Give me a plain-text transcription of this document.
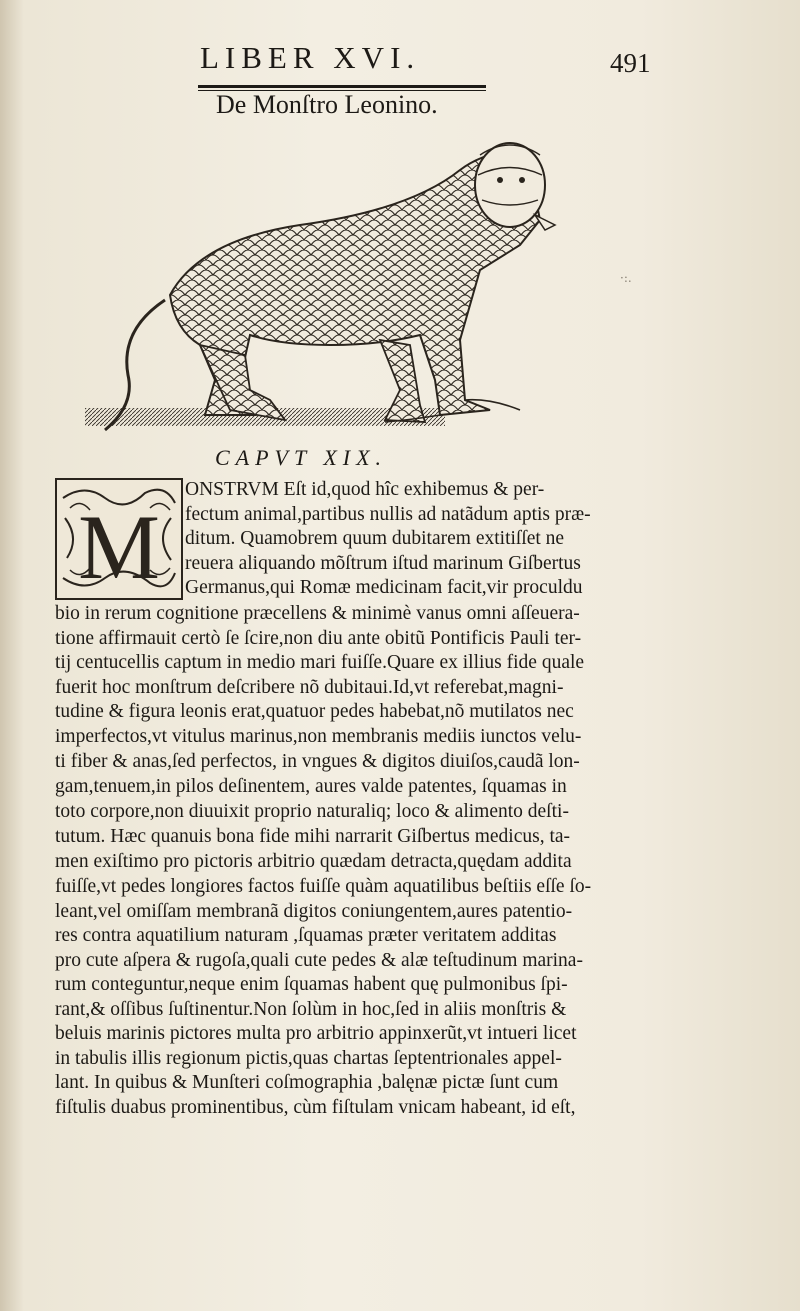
LIBER XVI.	491
De Monſtro Leonino.
CAPVT XIX.
M
·:.
ONSTRVM Eſt id,quod hîc exhibemus & per-
fectum animal,partibus nullis ad natãdum aptis præ-
ditum. Quamobrem quum dubitarem extitiſſet ne
reuera aliquando mõſtrum iſtud marinum Giſbertus
Germanus,qui Romæ medicinam facit,vir proculdu
bio in rerum cognitione præcellens & minimè vanus omni aſſeuera-
tione affirmauit certò ſe ſcire,non diu ante obitũ Pontificis Pauli ter-
tij centucellis captum in medio mari fuiſſe.Quare ex illius fide quale
fuerit hoc monſtrum deſcribere nõ dubitaui.Id,vt referebat,magni-
tudine & figura leonis erat,quatuor pedes habebat,nõ mutilatos nec
imperfectos,vt vitulus marinus,non membranis mediis iunctos velu-
ti fiber & anas,ſed perfectos, in vngues & digitos diuiſos,caudã lon-
gam,tenuem,in pilos deſinentem, aures valde patentes, ſquamas in
toto corpore,non diuuixit proprio naturaliq; loco & alimento deſti-
tutum. Hæc quanuis bona fide mihi narrarit Giſbertus medicus, ta-
men exiſtimo pro pictoris arbitrio quædam detracta,quędam addita
fuiſſe,vt pedes longiores factos fuiſſe quàm aquatilibus beſtiis eſſe ſo-
leant,vel omiſſam membranã digitos coniungentem,aures patentio-
res contra aquatilium naturam ,ſquamas præter veritatem additas
pro cute aſpera & rugoſa,quali cute pedes & alæ teſtudinum marina-
rum conteguntur,neque enim ſquamas habent quę pulmonibus ſpi-
rant,& oſſibus ſuſtinentur.Non ſolùm in hoc,ſed in aliis monſtris &
beluis marinis pictores multa pro arbitrio appinxerũt,vt intueri licet
in tabulis illis regionum pictis,quas chartas ſeptentrionales appel-
lant. In quibus & Munſteri coſmographia ,balęnæ pictæ ſunt cum
fiſtulis duabus prominentibus, cùm fiſtulam vnicam habeant, id eſt,
